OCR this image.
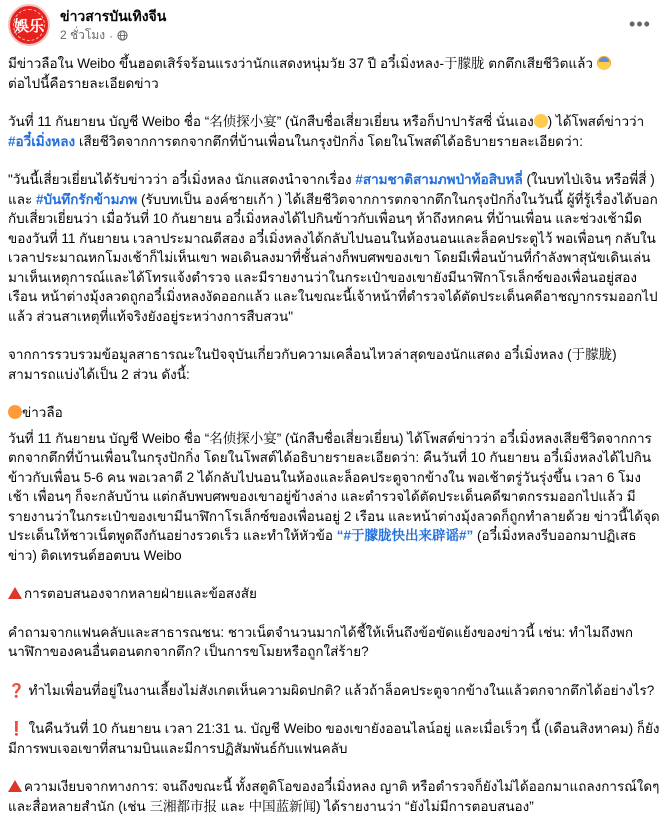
娛乐
ข่าวสารบันเทิงจีน
2 ชั่วโมง ·
•••

มีข่าวลือใน Weibo ขึ้นฮอตเสิร์จร้อนแรงว่านักแสดงหนุ่มวัย 37 ปี อวี๋เมิ่งหลง-于朦胧 ตกตึกเสียชีวิตแล้ว
ต่อไปนี้คือรายละเอียดข่าว

วันที่ 11 กันยายน บัญชี Weibo ชื่อ “名侦探小宴” (นักสืบชื่อเสี่ยวเยี่ยน หรือก็ปาปารัสซี่ นั่นเอง ) ได้โพสต์ข่าวว่า #อวี๋เมิ่งหลง เสียชีวิตจากการตกจากตึกที่บ้านเพื่อนในกรุงปักกิ่ง โดยในโพสต์ได้อธิบายรายละเอียดว่า:

"วันนี้เสี่ยวเยี่ยนได้รับข่าวว่า อวี๋เมิ่งหลง นักแสดงนำจากเรื่อง #สามชาติสามภพป่าท้อสิบหลี่ (ในบทไป่เจิน หรือพี่สี่ ) และ #บันทึกรักข้ามภพ (รับบทเป็น องค์ชายเก้า ) ได้เสียชีวิตจากการตกจากตึกในกรุงปักกิ่งในวันนี้ ผู้ที่รู้เรื่องได้บอกกับเสี่ยวเยี่ยนว่า เมื่อวันที่ 10 กันยายน อวี๋เมิ่งหลงได้ไปกินข้าวกับเพื่อนๆ ห้าถึงหกคน ที่บ้านเพื่อน และช่วงเช้ามืดของวันที่ 11 กันยายน เวลาประมาณตีสอง อวี๋เมิ่งหลงได้กลับไปนอนในห้องนอนและล็อคประตูไว้ พอเพื่อนๆ กลับในเวลาประมาณหกโมงเช้าก็ไม่เห็นเขา พอเดินลงมาที่ชั้นล่างก็พบศพของเขา โดยมีเพื่อนบ้านที่กำลังพาสุนัขเดินเล่นมาเห็นเหตุการณ์และได้โทรแจ้งตำรวจ และมีรายงานว่าในกระเป๋าของเขายังมีนาฬิกาโรเล็กซ์ของเพื่อนอยู่สองเรือน หน้าต่างมุ้งลวดถูกอวี๋เมิ่งหลงงัดออกแล้ว และในขณะนี้เจ้าหน้าที่ตำรวจได้ตัดประเด็นคดีอาชญากรรมออกไปแล้ว ส่วนสาเหตุที่แท้จริงยังอยู่ระหว่างการสืบสวน"

จากการรวบรวมข้อมูลสาธารณะในปัจจุบันเกี่ยวกับความเคลื่อนไหวล่าสุดของนักแสดง อวี๋เมิ่งหลง (于朦胧) สามารถแบ่งได้เป็น 2 ส่วน ดังนี้:

ข่าวลือ

วันที่ 11 กันยายน บัญชี Weibo ชื่อ “名侦探小宴” (นักสืบชื่อเสี่ยวเยี่ยน) ได้โพสต์ข่าวว่า อวี๋เมิ่งหลงเสียชีวิตจากการตกจากตึกที่บ้านเพื่อนในกรุงปักกิ่ง โดยในโพสต์ได้อธิบายรายละเอียดว่า: คืนวันที่ 10 กันยายน อวี๋เมิ่งหลงได้ไปกินข้าวกับเพื่อน 5-6 คน พอเวลาตี 2 ได้กลับไปนอนในห้องและล็อคประตูจากข้างใน พอเช้าตรู่วันรุ่งขึ้น เวลา 6 โมงเช้า เพื่อนๆ ก็จะกลับบ้าน แต่กลับพบศพของเขาอยู่ข้างล่าง และตำรวจได้ตัดประเด็นคดีฆาตกรรมออกไปแล้ว มีรายงานว่าในกระเป๋าของเขามีนาฬิกาโรเล็กซ์ของเพื่อนอยู่ 2 เรือน และหน้าต่างมุ้งลวดก็ถูกทำลายด้วย ข่าวนี้ได้จุดประเด็นให้ชาวเน็ตพูดถึงกันอย่างรวดเร็ว และทำให้หัวข้อ “#于朦胧快出来辟谣#” (อวี๋เมิ่งหลงรีบออกมาปฏิเสธข่าว) ติดเทรนด์ฮอตบน Weibo

การตอบสนองจากหลายฝ่ายและข้อสงสัย

คำถามจากแฟนคลับและสาธารณชน: ชาวเน็ตจำนวนมากได้ชี้ให้เห็นถึงข้อขัดแย้งของข่าวนี้ เช่น: ทำไมถึงพกนาฬิกาของคนอื่นตอนตกจากตึก? เป็นการขโมยหรือถูกใส่ร้าย?

❓ ทำไมเพื่อนที่อยู่ในงานเลี้ยงไม่สังเกตเห็นความผิดปกติ? แล้วถ้าล็อคประตูจากข้างในแล้วตกจากตึกได้อย่างไร?

❗ ในคืนวันที่ 10 กันยายน เวลา 21:31 น. บัญชี Weibo ของเขายังออนไลน์อยู่ และเมื่อเร็วๆ นี้ (เดือนสิงหาคม) ก็ยังมีการพบเจอเขาที่สนามบินและมีการปฏิสัมพันธ์กับแฟนคลับ

ความเงียบจากทางการ: จนถึงขณะนี้ ทั้งสตูดิโอของอวี๋เมิ่งหลง ญาติ หรือตำรวจก็ยังไม่ได้ออกมาแถลงการณ์ใดๆ และสื่อหลายสำนัก (เช่น 三湘都市报 และ 中国蓝新闻) ได้รายงานว่า “ยังไม่มีการตอบสนอง”
